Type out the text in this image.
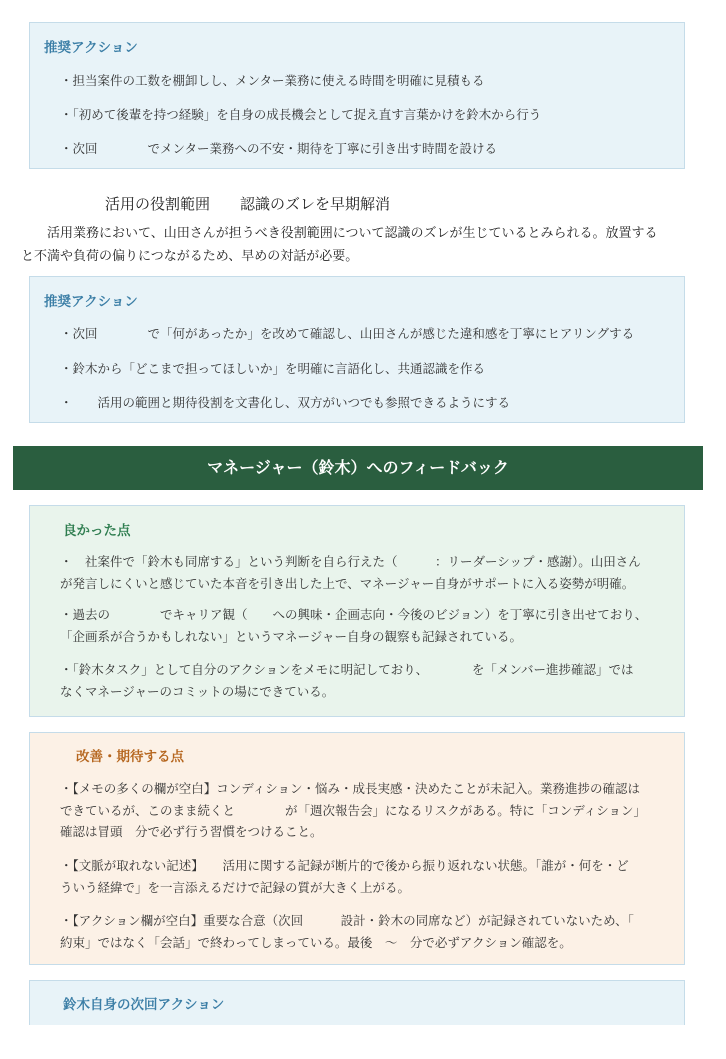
推奨アクション
・担当案件の工数を棚卸しし、メンター業務に使える時間を明確に見積もる
・「初めて後輩を持つ経験」を自身の成長機会として捉え直す言葉かけを鈴木から行う
・次回　　　　でメンター業務への不安・期待を丁寧に引き出す時間を設ける
　活用の役割範囲　　認識のズレを早期解消
　　活用業務において、山田さんが担うべき役割範囲について認識のズレが生じているとみられる。放置する
と不満や負荷の偏りにつながるため、早めの対話が必要。
推奨アクション
・次回　　　　で「何があったか」を改めて確認し、山田さんが感じた違和感を丁寧にヒアリングする
・鈴木から「どこまで担ってほしいか」を明確に言語化し、共通認識を作る
・　　活用の範囲と期待役割を文書化し、双方がいつでも参照できるようにする
マネージャー（鈴木）へのフィードバック
良かった点
・　社案件で「鈴木も同席する」という判断を自ら行えた（　　　：リーダーシップ・感謝）。山田さん
が発言しにくいと感じていた本音を引き出した上で、マネージャー自身がサポートに入る姿勢が明確。
・過去の　　　　でキャリア観（　　への興味・企画志向・今後のビジョン）を丁寧に引き出せており、
「企画系が合うかもしれない」というマネージャー自身の観察も記録されている。
・「鈴木タスク」として自分のアクションをメモに明記しており、　　　　を「メンバー進捗確認」では
なくマネージャーのコミットの場にできている。
改善・期待する点
・【メモの多くの欄が空白】コンディション・悩み・成長実感・決めたことが未記入。業務進捗の確認は
できているが、このまま続くと　　　　が「週次報告会」になるリスクがある。特に「コンディション」
確認は冒頭　分で必ず行う習慣をつけること。
・【文脈が取れない記述】　　活用に関する記録が断片的で後から振り返れない状態。「誰が・何を・ど
ういう経緯で」を一言添えるだけで記録の質が大きく上がる。
・【アクション欄が空白】重要な合意（次回　　　設計・鈴木の同席など）が記録されていないため、「
約束」ではなく「会話」で終わってしまっている。最後　〜　分で必ずアクション確認を。
鈴木自身の次回アクション
